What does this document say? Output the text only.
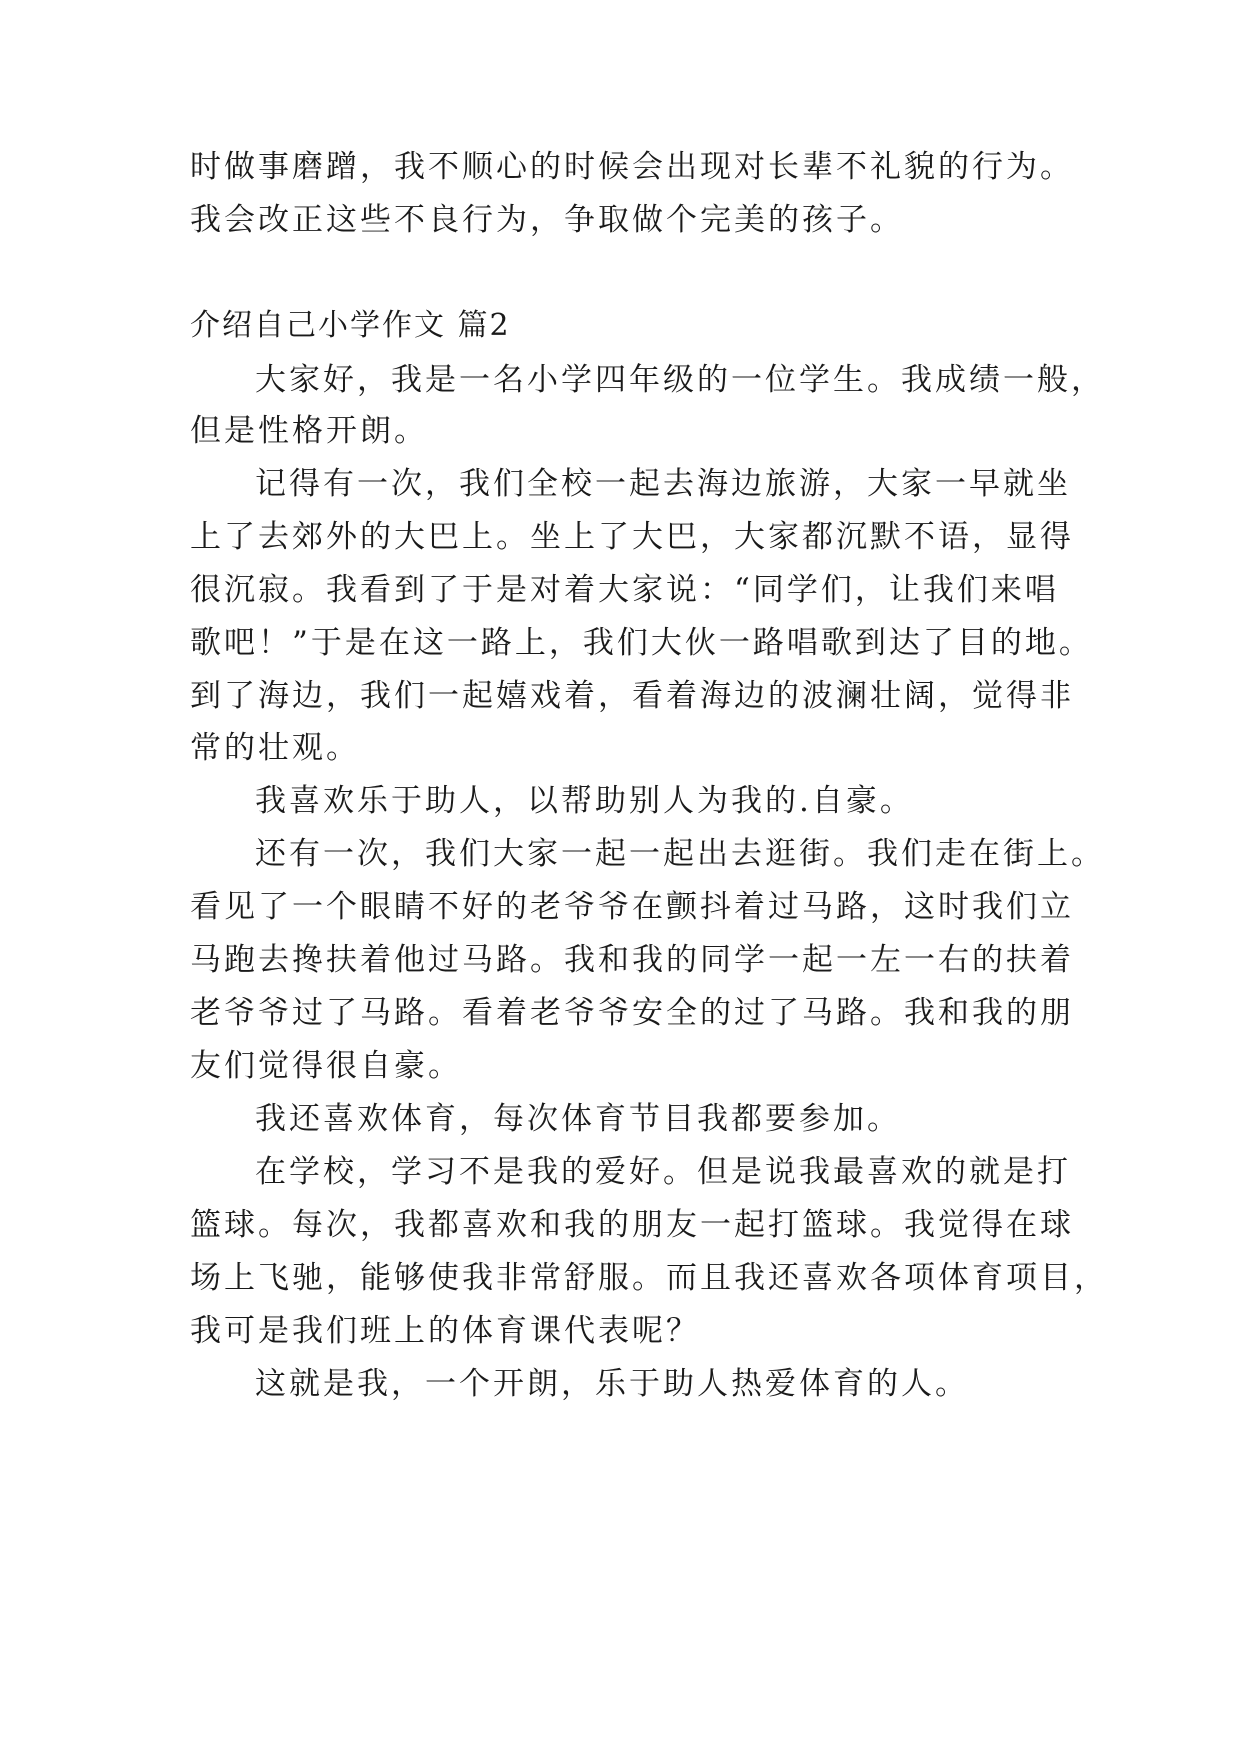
时做事磨蹭，我不顺心的时候会出现对长辈不礼貌的行为。
我会改正这些不良行为，争取做个完美的孩子。
介绍自己小学作文 篇2
大家好，我是一名小学四年级的一位学生。我成绩一般，
但是性格开朗。
记得有一次，我们全校一起去海边旅游，大家一早就坐
上了去郊外的大巴上。坐上了大巴，大家都沉默不语，显得
很沉寂。我看到了于是对着大家说：“同学们，让我们来唱
歌吧！”于是在这一路上，我们大伙一路唱歌到达了目的地。
到了海边，我们一起嬉戏着，看着海边的波澜壮阔，觉得非
常的壮观。
我喜欢乐于助人，以帮助别人为我的.自豪。
还有一次，我们大家一起一起出去逛街。我们走在街上。
看见了一个眼睛不好的老爷爷在颤抖着过马路，这时我们立
马跑去搀扶着他过马路。我和我的同学一起一左一右的扶着
老爷爷过了马路。看着老爷爷安全的过了马路。我和我的朋
友们觉得很自豪。
我还喜欢体育，每次体育节目我都要参加。
在学校，学习不是我的爱好。但是说我最喜欢的就是打
篮球。每次，我都喜欢和我的朋友一起打篮球。我觉得在球
场上飞驰，能够使我非常舒服。而且我还喜欢各项体育项目，
我可是我们班上的体育课代表呢？
这就是我，一个开朗，乐于助人热爱体育的人。
